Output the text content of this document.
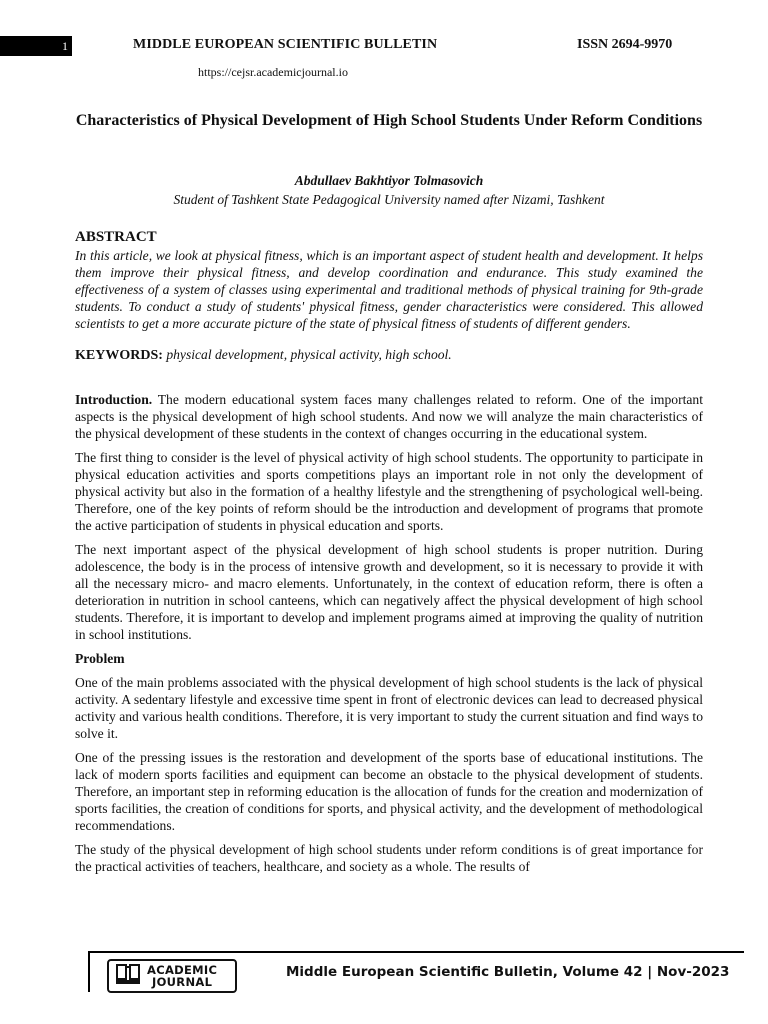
1	MIDDLE EUROPEAN SCIENTIFIC BULLETIN	ISSN 2694-9970
https://cejsr.academicjournal.io
Characteristics of Physical Development of High School Students Under Reform Conditions
Abdullaev Bakhtiyor Tolmasovich
Student of Tashkent State Pedagogical University named after Nizami, Tashkent
ABSTRACT

In this article, we look at physical fitness, which is an important aspect of student health and development. It helps them improve their physical fitness, and develop coordination and endurance. This study examined the effectiveness of a system of classes using experimental and traditional methods of physical training for 9th-grade students. To conduct a study of students' physical fitness, gender characteristics were considered. This allowed scientists to get a more accurate picture of the state of physical fitness of students of different genders.

KEYWORDS: physical development, physical activity, high school.

Introduction. The modern educational system faces many challenges related to reform. One of the important aspects is the physical development of high school students. And now we will analyze the main characteristics of the physical development of these students in the context of changes occurring in the educational system.

The first thing to consider is the level of physical activity of high school students. The opportunity to participate in physical education activities and sports competitions plays an important role in not only the development of physical activity but also in the formation of a healthy lifestyle and the strengthening of psychological well-being. Therefore, one of the key points of reform should be the introduction and development of programs that promote the active participation of students in physical education and sports.

The next important aspect of the physical development of high school students is proper nutrition. During adolescence, the body is in the process of intensive growth and development, so it is necessary to provide it with all the necessary micro- and macro elements. Unfortunately, in the context of education reform, there is often a deterioration in nutrition in school canteens, which can negatively affect the physical development of high school students. Therefore, it is important to develop and implement programs aimed at improving the quality of nutrition in school institutions.

Problem

One of the main problems associated with the physical development of high school students is the lack of physical activity. A sedentary lifestyle and excessive time spent in front of electronic devices can lead to decreased physical activity and various health conditions. Therefore, it is very important to study the current situation and find ways to solve it.

One of the pressing issues is the restoration and development of the sports base of educational institutions. The lack of modern sports facilities and equipment can become an obstacle to the physical development of students. Therefore, an important step in reforming education is the allocation of funds for the creation and modernization of sports facilities, the creation of conditions for sports, and physical activity, and the development of methodological recommendations.

The study of the physical development of high school students under reform conditions is of great importance for the practical activities of teachers, healthcare, and society as a whole. The results of

ACADEMIC
JOURNAL
Middle European Scientific Bulletin, Volume 42 | Nov-2023
